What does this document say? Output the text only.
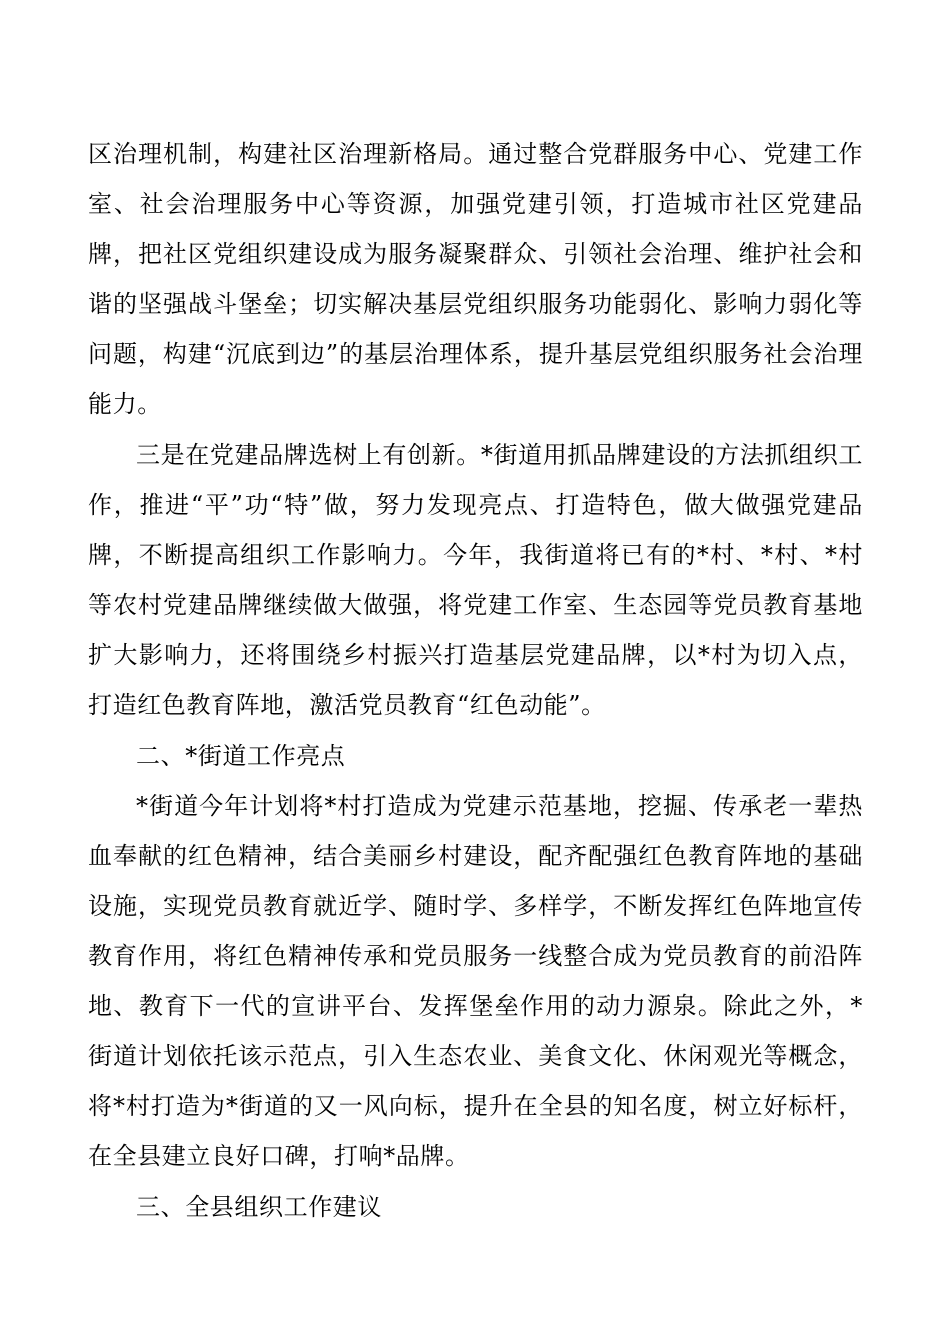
区治理机制，构建社区治理新格局。通过整合党群服务中心、党建工作室、社会治理服务中心等资源，加强党建引领，打造城市社区党建品牌，把社区党组织建设成为服务凝聚群众、引领社会治理、维护社会和谐的坚强战斗堡垒；切实解决基层党组织服务功能弱化、影响力弱化等问题，构建“沉底到边”的基层治理体系，提升基层党组织服务社会治理能力。

三是在党建品牌选树上有创新。*街道用抓品牌建设的方法抓组织工作，推进“平”功“特”做，努力发现亮点、打造特色，做大做强党建品牌，不断提高组织工作影响力。今年，我街道将已有的*村、*村、*村等农村党建品牌继续做大做强，将党建工作室、生态园等党员教育基地扩大影响力，还将围绕乡村振兴打造基层党建品牌，以*村为切入点，打造红色教育阵地，激活党员教育“红色动能”。

二、*街道工作亮点

*街道今年计划将*村打造成为党建示范基地，挖掘、传承老一辈热血奉献的红色精神，结合美丽乡村建设，配齐配强红色教育阵地的基础设施，实现党员教育就近学、随时学、多样学，不断发挥红色阵地宣传教育作用，将红色精神传承和党员服务一线整合成为党员教育的前沿阵地、教育下一代的宣讲平台、发挥堡垒作用的动力源泉。除此之外，*街道计划依托该示范点，引入生态农业、美食文化、休闲观光等概念，将*村打造为*街道的又一风向标，提升在全县的知名度，树立好标杆，在全县建立良好口碑，打响*品牌。

三、全县组织工作建议
